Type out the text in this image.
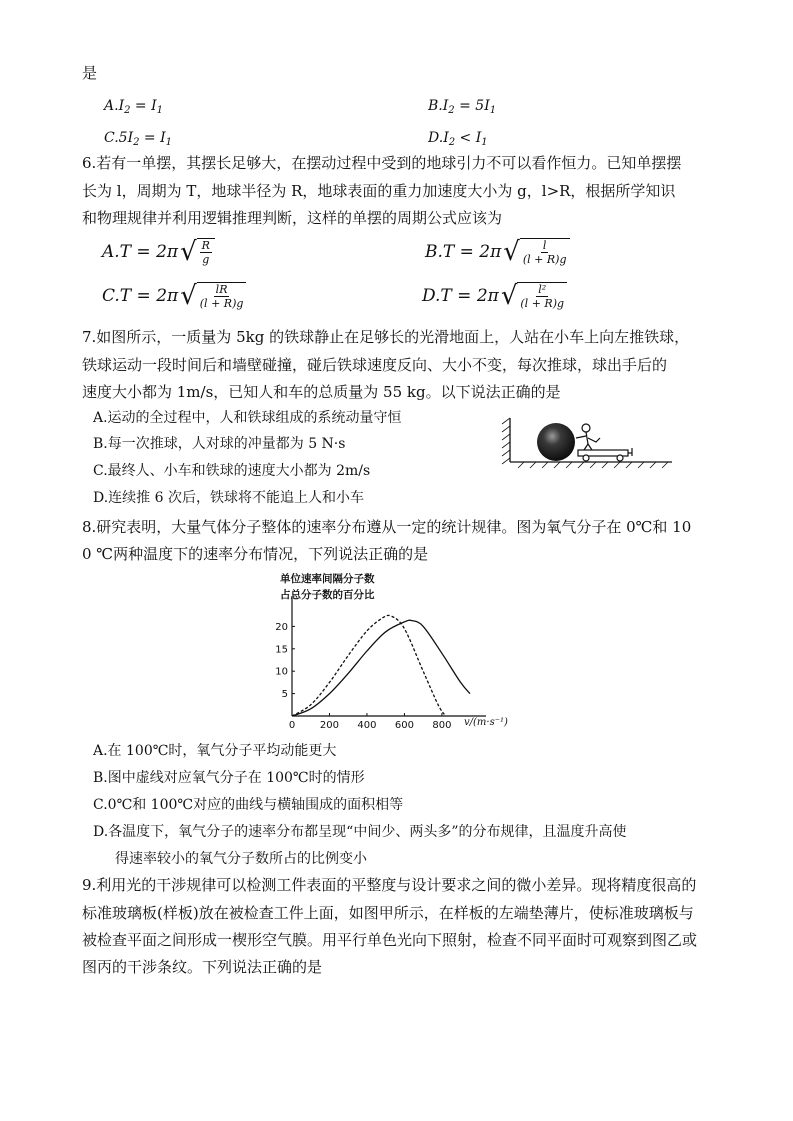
是
$A.I_2 = I_1$	$B.I_2 = 5I_1$
$C.5I_2 = I_1$	$D.I_2 < I_1$
6.若有一单摆，其摆长足够大，在摆动过程中受到的地球引力不可以看作恒力。已知单摆摆
长为 l，周期为 T，地球半径为 R，地球表面的重力加速度大小为 g，l>R，根据所学知识
和物理规律并利用逻辑推理判断，这样的单摆的周期公式应该为
A.T = 2π √ $\frac{R}{g}$	B.T = 2π √ $\frac{l}{(l + R)g}$
C.T = 2π √ $\frac{lR}{(l + R)g}$	D.T = 2π √ $\frac{\text{l²}}{(l + R)g}$
7.如图所示，一质量为 5kg 的铁球静止在足够长的光滑地面上，人站在小车上向左推铁球，
铁球运动一段时间后和墙壁碰撞，碰后铁球速度反向、大小不变，每次推球，球出手后的
速度大小都为 1m/s，已知人和车的总质量为 55 kg。以下说法正确的是
A.运动的全过程中，人和铁球组成的系统动量守恒
B.每一次推球，人对球的冲量都为 5 N·s
C.最终人、小车和铁球的速度大小都为 2m/s
D.连续推 6 次后，铁球将不能追上人和小车
8.研究表明，大量气体分子整体的速率分布遵从一定的统计规律。图为氧气分子在 0℃和 10
0 ℃两种温度下的速率分布情况，下列说法正确的是
单位速率间隔分子数
占总分子数的百分比
0 200 400 600 800
5
10
15
20
v/(m·s⁻¹)
A.在 100℃时，氧气分子平均动能更大
B.图中虚线对应氧气分子在 100℃时的情形
C.0℃和 100℃对应的曲线与横轴围成的面积相等
D.各温度下，氧气分子的速率分布都呈现“中间少、两头多”的分布规律，且温度升高使
得速率较小的氧气分子数所占的比例变小
9.利用光的干涉规律可以检测工件表面的平整度与设计要求之间的微小差异。现将精度很高的
标准玻璃板(样板)放在被检查工件上面，如图甲所示，在样板的左端垫薄片，使标准玻璃板与
被检查平面之间形成一楔形空气膜。用平行单色光向下照射，检查不同平面时可观察到图乙或
图丙的干涉条纹。下列说法正确的是
